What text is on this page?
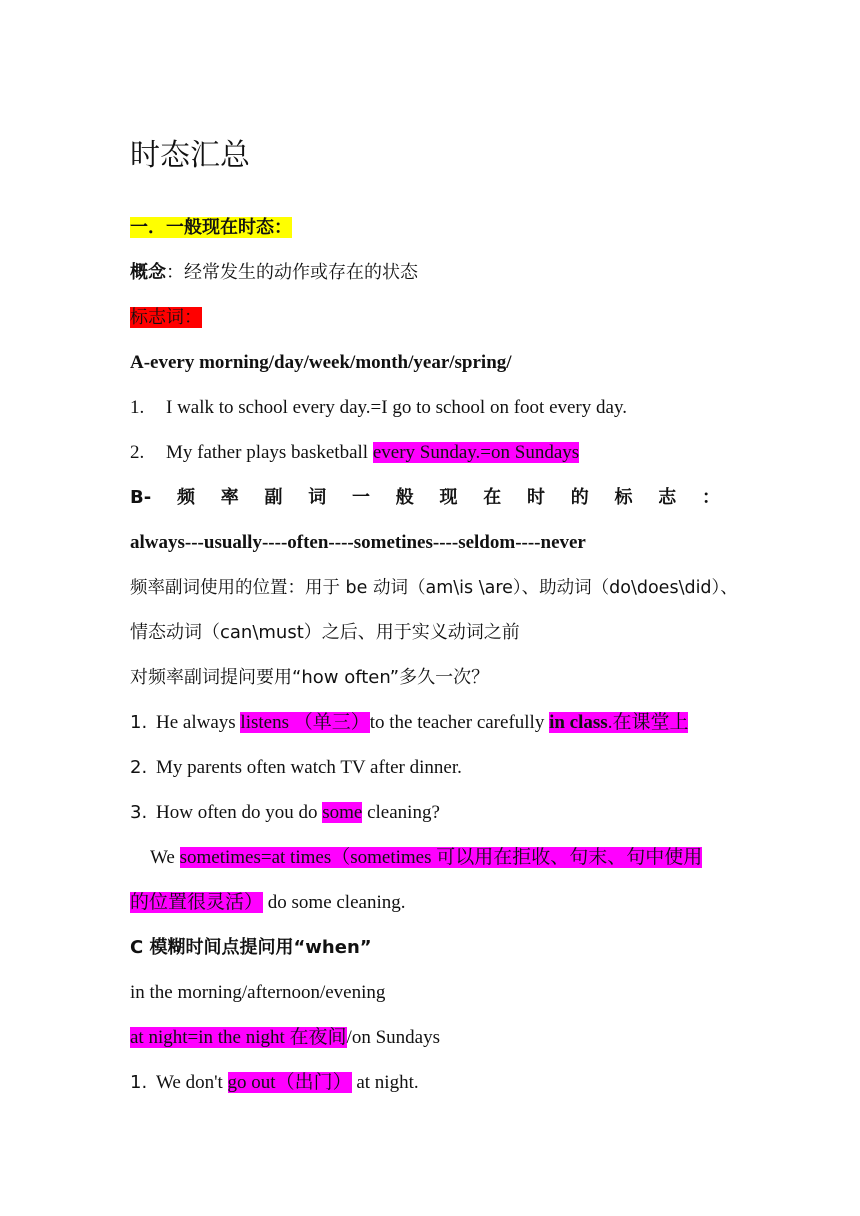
时态汇总
一．一般现在时态：
概念：经常发生的动作或存在的状态
标志词：
A-every morning/day/week/month/year/spring/
1. I walk to school every day.=I go to school on foot every day.
2. My father plays basketball every Sunday.=on Sundays
B- 频 率 副 词 一 般 现 在 时 的 标 志 ：
always---usually----often----sometines----seldom----never
频率副词使用的位置：用于 be 动词（am\is \are）、助动词（do\does\did）、
情态动词（can\must）之后、用于实义动词之前
对频率副词提问要用“how often”多久一次？
1. He always listens （单三）to the teacher carefully in class.在课堂上
2. My parents often watch TV after dinner.
3. How often do you do some cleaning?
We sometimes=at times（sometimes 可以用在拒收、句末、句中使用
的位置很灵活） do some cleaning.
C 模糊时间点提问用“when”
in the morning/afternoon/evening
at night=in the night 在夜间/on Sundays
1. We don't go out（出门） at night.
